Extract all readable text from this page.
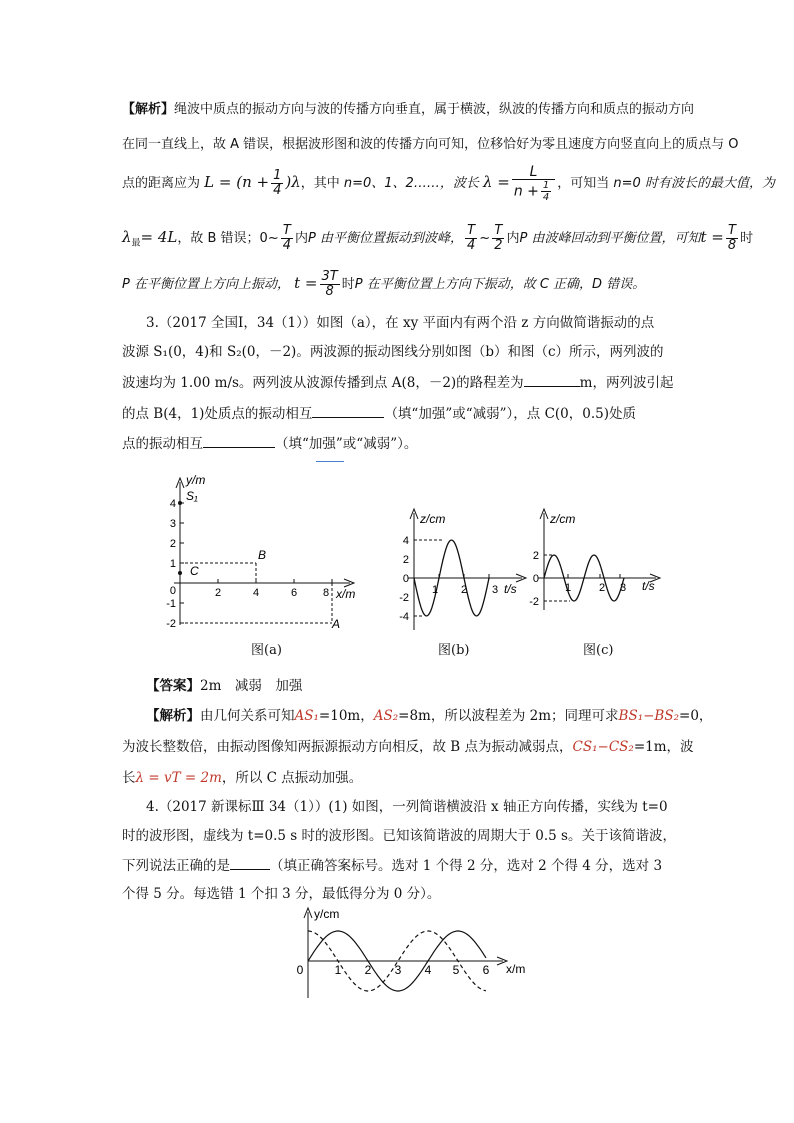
【解析】绳波中质点的振动方向与波的传播方向垂直，属于横波，纵波的传播方向和质点的振动方向
在同一直线上，故 A 错误，根据波形图和波的传播方向可知，位移恰好为零且速度方向竖直向上的质点与 O
点的距离应为 $L = (n + \frac{1}{4} )\lambda$，其中 n=0、1、2……，波长 $\lambda = \frac{L}{n + \frac{1}{4}}$ ，可知当 n=0 时有波长的最大值，为
$\lambda_最= 4L$，故 B 错误；0~ $\frac{T}{4}$ 内P 由平衡位置振动到波峰， $\frac{T}{4}$ ~ $\frac{T}{2}$ 内P 由波峰回动到平衡位置，可知$t = \frac{T}{8}$ 时
P 在平衡位置上方向上振动， $t = \frac{3T}{8}$ 时P 在平衡位置上方向下振动，故 C 正确，D 错误。
3.（2017 全国Ⅰ，34（1））如图（a），在 xy 平面内有两个沿 z 方向做简谐振动的点
波源 S₁(0，4)和 S₂(0，－2)。两波源的振动图线分别如图（b）和图（c）所示，两列波的
波速均为 1.00 m/s。两列波从波源传播到点 A(8，－2)的路程差为	m，两列波引起
的点 B(4，1)处质点的振动相互	（填“加强”或“减弱”），点 C(0，0.5)处质
点的振动相互	（填“加强”或“减弱”）。
y/m
x/m
S₁
B
C
A
4
3
2
1
0
-1
-2
2	4	6 8
图(a)
z/cm
t/s
4
2
0
-2
-4
1 2 3
图(b)
z/cm
t/s
2
0
-2
1	2 3
图(c)
【答案】2m　减弱　加强
【解析】由几何关系可知AS₁=10m，AS₂=8m，所以波程差为 2m；同理可求BS₁−BS₂=0，
为波长整数倍，由振动图像知两振源振动方向相反，故 B 点为振动减弱点，CS₁−CS₂=1m，波
长λ = vT = 2m，所以 C 点振动加强。
4.（2017 新课标Ⅲ 34（1））(1) 如图，一列简谐横波沿 x 轴正方向传播，实线为 t=0
时的波形图，虚线为 t=0.5 s 时的波形图。已知该简谐波的周期大于 0.5 s。关于该简谐波，
下列说法正确的是	（填正确答案标号。选对 1 个得 2 分，选对 2 个得 4 分，选对 3
个得 5 分。每选错 1 个扣 3 分，最低得分为 0 分）。
y/cm
x/m
0	1 2 3 4 5 6
